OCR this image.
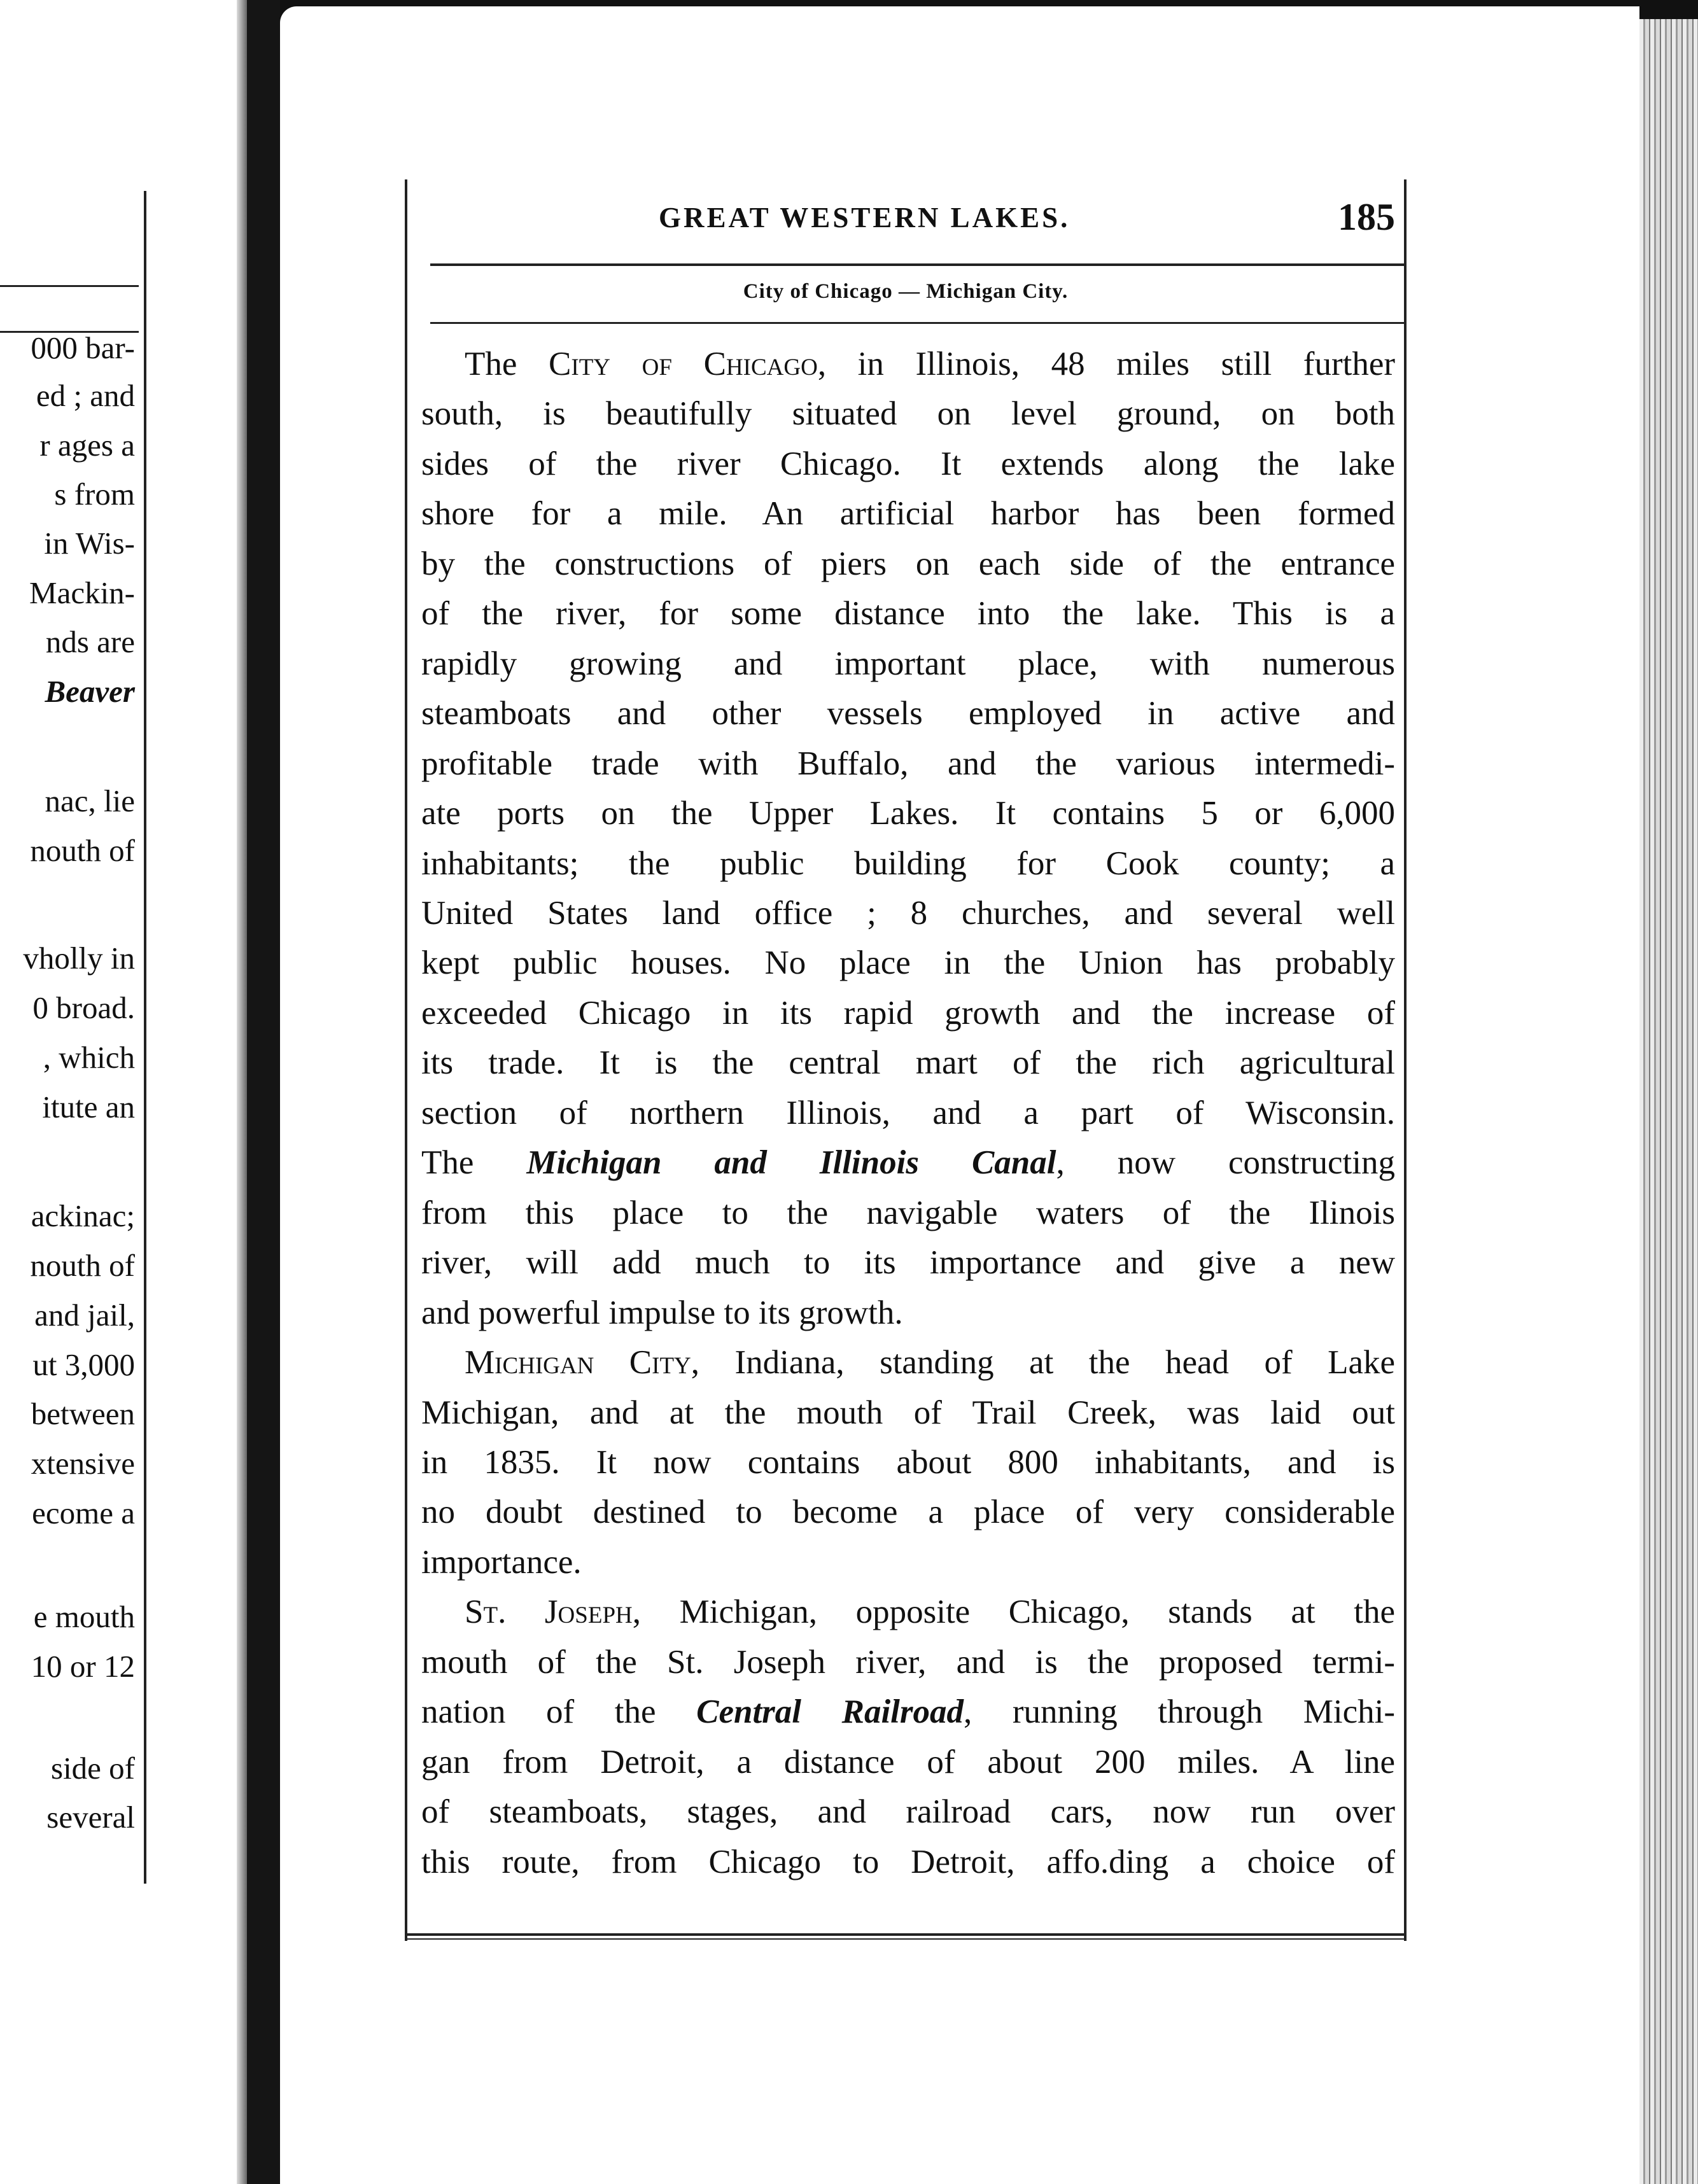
000 bar-
ed ; and
r ages a
s from
in Wis-
Mackin-
nds are
Beaver
nac, lie
nouth of
vholly in
0 broad.
, which
itute an
ackinac;
nouth of
and jail,
ut 3,000
between
xtensive
ecome a
e mouth
10 or 12
side of
several
GREAT WESTERN LAKES.	185
City of Chicago — Michigan City.

The City of Chicago, in Illinois, 48 miles still further
south, is beautifully situated on level ground, on both
sides of the river Chicago. It extends along the lake
shore for a mile. An artificial harbor has been formed
by the constructions of piers on each side of the entrance
of the river, for some distance into the lake. This is a
rapidly growing and important place, with numerous
steamboats and other vessels employed in active and
profitable trade with Buffalo, and the various intermedi-
ate ports on the Upper Lakes. It contains 5 or 6,000
inhabitants; the public building for Cook county; a
United States land office ; 8 churches, and several well
kept public houses. No place in the Union has probably
exceeded Chicago in its rapid growth and the increase of
its trade. It is the central mart of the rich agricultural
section of northern Illinois, and a part of Wisconsin.
The Michigan and Illinois Canal, now constructing
from this place to the navigable waters of the Ilinois
river, will add much to its importance and give a new
and powerful impulse to its growth.

Michigan City, Indiana, standing at the head of Lake
Michigan, and at the mouth of Trail Creek, was laid out
in 1835. It now contains about 800 inhabitants, and is
no doubt destined to become a place of very considerable
importance.

St. Joseph, Michigan, opposite Chicago, stands at the
mouth of the St. Joseph river, and is the proposed termi-
nation of the Central Railroad, running through Michi-
gan from Detroit, a distance of about 200 miles. A line
of steamboats, stages, and railroad cars, now run over
this route, from Chicago to Detroit, affo.ding a choice of
